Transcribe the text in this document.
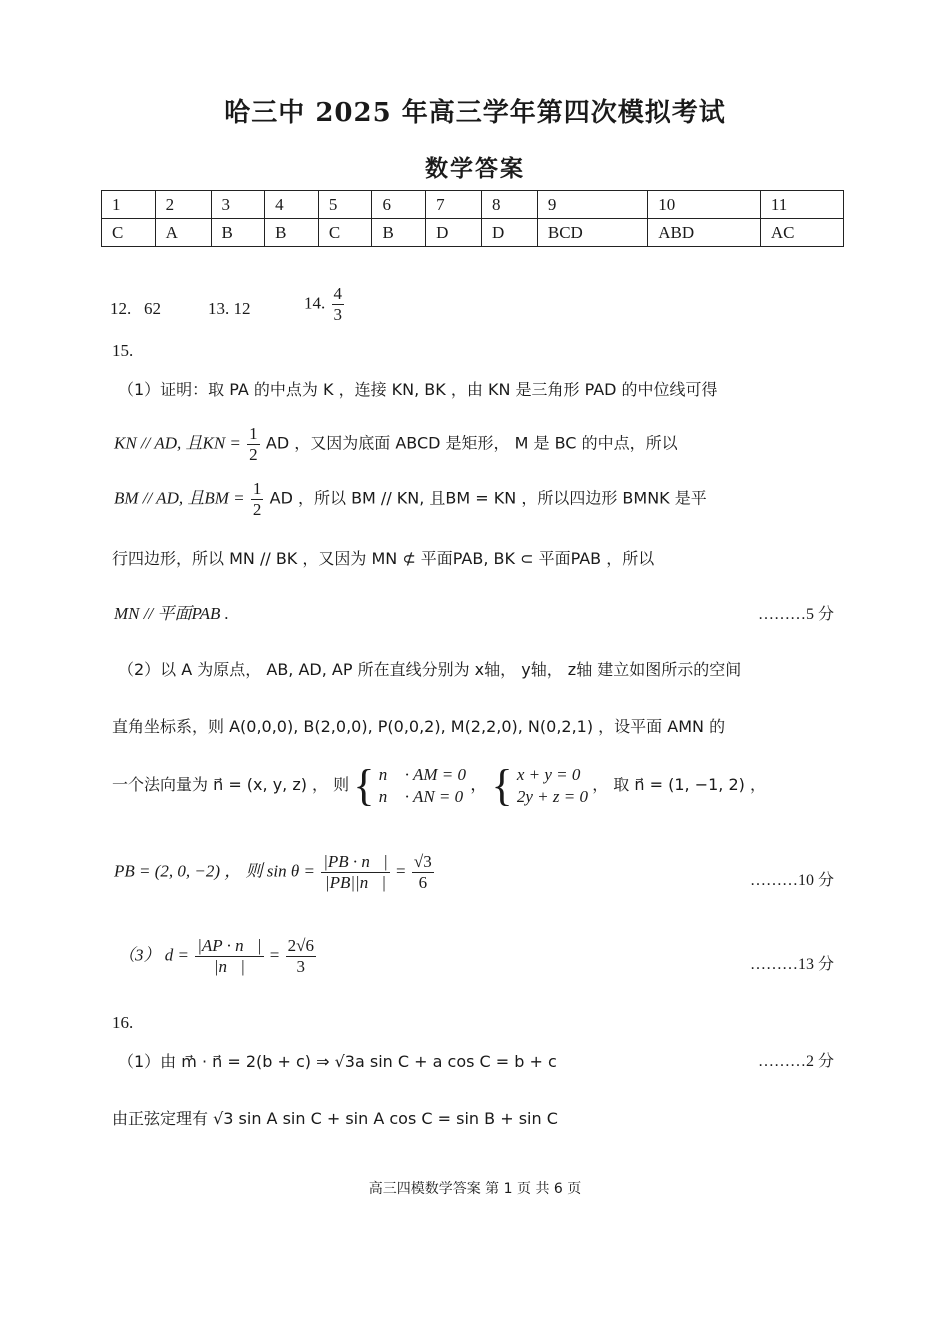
哈三中 2025 年高三学年第四次模拟考试
数学答案
1	2	3	4	5	6	7	8	9	10	11
C	A	B	B	C	B	D	D	BCD	ABD	AC
12. 62	13. 12	14. $\frac{4}{3}$
15.
（1）证明：取 PA 的中点为 K ，连接 KN, BK ，由 KN 是三角形 PAD 的中位线可得
KN // AD, 且KN = $\frac{1}{2}$ AD ，又因为底面 ABCD 是矩形， M 是 BC 的中点，所以
BM // AD, 且BM = $\frac{1}{2}$ AD ，所以 BM // KN, 且BM = KN ，所以四边形 BMNK 是平
行四边形，所以 MN // BK ，又因为 MN ⊄ 平面PAB, BK ⊂ 平面PAB ，所以
MN // 平面PAB .	………5 分
（2）以 A 为原点， AB, AD, AP 所在直线分别为 x轴， y轴， z轴 建立如图所示的空间
直角坐标系，则 A(0,0,0), B(2,0,0), P(0,0,2), M(2,2,0), N(0,2,1) ，设平面 AMN 的
一个法向量为 n⃗ = (x, y, z) ， 则 { n⃗ · AM = 0
n⃗ · AN = 0
， { x + y = 0
2y + z = 0
， 取 n⃗ = (1, −1, 2) ，
PB = (2, 0, −2) ， 则 $\sin \theta = \frac{|PB \cdot n⃗|}{|PB||n⃗|} = \frac{√3}{6}$	………10 分
（3） $d = \frac{|AP \cdot n⃗|}{|n⃗|} = \frac{2√6}{3}$	………13 分
16.
（1）由 m⃗ · n⃗ = 2(b + c) ⇒ √3a sin C + a cos C = b + c	………2 分
由正弦定理有 √3 sin A sin C + sin A cos C = sin B + sin C
高三四模数学答案 第 1 页 共 6 页
